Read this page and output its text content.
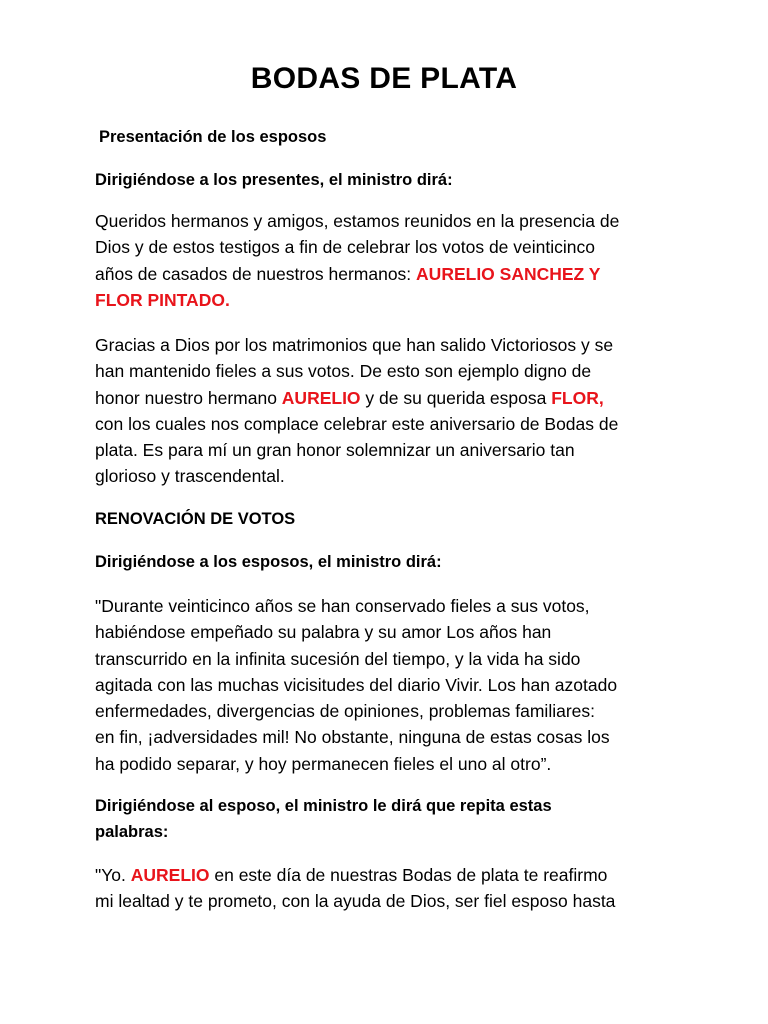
BODAS DE PLATA
Presentación de los esposos
Dirigiéndose a los presentes, el ministro dirá:
Queridos hermanos y amigos, estamos reunidos en la presencia de
Dios y de estos testigos a fin de celebrar los votos de veinticinco
años de casados de nuestros hermanos: AURELIO SANCHEZ Y
FLOR PINTADO.
Gracias a Dios por los matrimonios que han salido Victoriosos y se
han mantenido fieles a sus votos. De esto son ejemplo digno de
honor nuestro hermano AURELIO y de su querida esposa FLOR,
con los cuales nos complace celebrar este aniversario de Bodas de
plata. Es para mí un gran honor solemnizar un aniversario tan
glorioso y trascendental.
RENOVACIÓN DE VOTOS
Dirigiéndose a los esposos, el ministro dirá:
"Durante veinticinco años se han conservado fieles a sus votos,
habiéndose empeñado su palabra y su amor Los años han
transcurrido en la infinita sucesión del tiempo, y la vida ha sido
agitada con las muchas vicisitudes del diario Vivir. Los han azotado
enfermedades, divergencias de opiniones, problemas familiares:
en fin, ¡adversidades mil! No obstante, ninguna de estas cosas los
ha podido separar, y hoy permanecen fieles el uno al otro”.
Dirigiéndose al esposo, el ministro le dirá que repita estas
palabras:
"Yo. AURELIO en este día de nuestras Bodas de plata te reafirmo
mi lealtad y te prometo, con la ayuda de Dios, ser fiel esposo hasta
